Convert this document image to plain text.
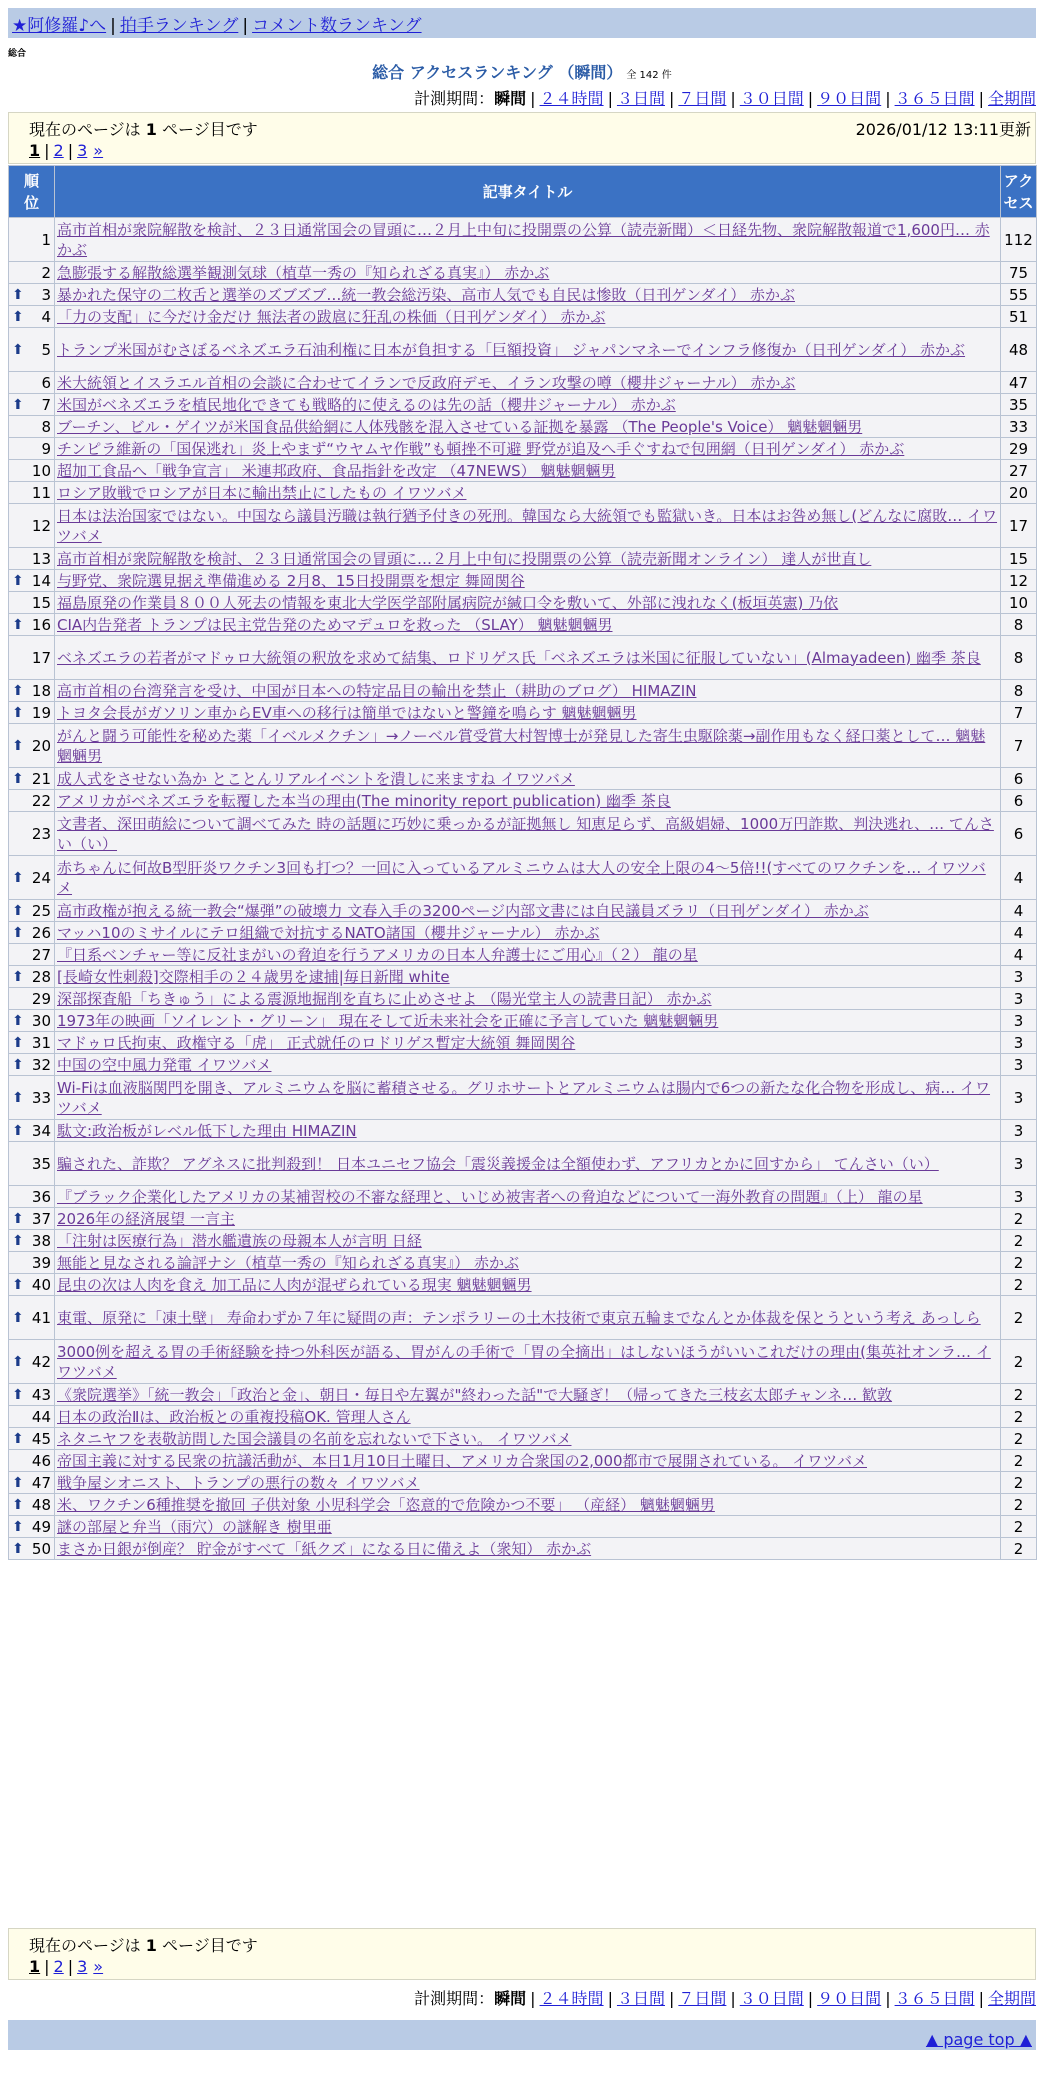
★阿修羅♪へ | 拍手ランキング | コメント数ランキング
総合
総合 アクセスランキング （瞬間） 全 142 件
計測期間：瞬間 | ２４時間 | ３日間 | ７日間 | ３０日間 | ９０日間 | ３６５日間 | 全期間
現在のページは 1 ページ目です	2026/01/12 13:11更新
1 | 2 | 3 »
順位	記事タイトル	アクセス
1	高市首相が衆院解散を検討、２３日通常国会の冒頭に…２月上中旬に投開票の公算（読売新聞）＜日経先物、衆院解散報道で1,600円… 赤かぶ	112
2	急膨張する解散総選挙観測気球（植草一秀の『知られざる真実』） 赤かぶ	75

⬆ 3	暴かれた保守の二枚舌と選挙のズブズブ…統一教会総汚染、高市人気でも自民は惨敗（日刊ゲンダイ） 赤かぶ	55

⬆ 4	「力の支配」に今だけ金だけ 無法者の跋扈に狂乱の株価（日刊ゲンダイ） 赤かぶ	51

⬆ 5	トランプ米国がむさぼるベネズエラ石油利権に日本が負担する「巨額投資」 ジャパンマネーでインフラ修復か（日刊ゲンダイ） 赤かぶ	48
6	米大統領とイスラエル首相の会談に合わせてイランで反政府デモ、イラン攻撃の噂（櫻井ジャーナル） 赤かぶ	47

⬆ 7	米国がベネズエラを植民地化できても戦略的に使えるのは先の話（櫻井ジャーナル） 赤かぶ	35
8	ブーチン、ビル・ゲイツが米国食品供給網に人体残骸を混入させている証拠を暴露 （The People's Voice） 魑魅魍魎男	33
9	チンピラ維新の「国保逃れ」炎上やまず“ウヤムヤ作戦”も頓挫不可避 野党が追及へ手ぐすねで包囲網（日刊ゲンダイ） 赤かぶ	29
10	超加工食品へ「戦争宣言」 米連邦政府、食品指針を改定 （47NEWS） 魑魅魍魎男	27
11	ロシア敗戦でロシアが日本に輸出禁止にしたもの イワツバメ	20
12	日本は法治国家ではない。中国なら議員汚職は執行猶予付きの死刑。韓国なら大統領でも監獄いき。日本はお咎め無し(どんなに腐敗… イワツバメ	17
13	高市首相が衆院解散を検討、２３日通常国会の冒頭に…２月上中旬に投開票の公算（読売新聞オンライン） 達人が世直し	15

⬆ 14	与野党、衆院選見据え準備進める 2月8、15日投開票を想定 舞岡関谷	12
15	福島原発の作業員８００人死去の情報を東北大学医学部附属病院が緘口令を敷いて、外部に洩れなく(板垣英憲) 乃依	10

⬆ 16	CIA内告発者 トランプは民主党告発のためマデュロを救った （SLAY） 魑魅魍魎男	8
17	ベネズエラの若者がマドゥロ大統領の釈放を求めて結集、ロドリゲス氏「ベネズエラは米国に征服していない」(Almayadeen) 幽季 茶良	8

⬆ 18	高市首相の台湾発言を受け、中国が日本への特定品目の輸出を禁止（耕助のブログ） HIMAZIN	8

⬆ 19	トヨタ会長がガソリン車からEV車への移行は簡単ではないと警鐘を鳴らす 魑魅魍魎男	7

⬆ 20	がんと闘う可能性を秘めた薬「イベルメクチン」→ノーベル賞受賞大村智博士が発見した寄生虫駆除薬→副作用もなく経口薬として… 魑魅魍魎男	7

⬆ 21	成人式をさせない為か とことんリアルイベントを潰しに来ますね イワツバメ	6
22	アメリカがベネズエラを転覆した本当の理由(The minority report publication) 幽季 茶良	6
23	文書者、深田萌絵について調べてみた 時の話題に巧妙に乗っかるが証拠無し 知恵足らず、高級娼婦、1000万円詐欺、判決逃れ、… てんさい（い）	6

⬆ 24	赤ちゃんに何故B型肝炎ワクチン3回も打つ？一回に入っているアルミニウムは大人の安全上限の4～5倍!!(すべてのワクチンを… イワツバメ	4

⬆ 25	高市政権が抱える統一教会“爆弾”の破壊力 文春入手の3200ページ内部文書には自民議員ズラリ（日刊ゲンダイ） 赤かぶ	4

⬆ 26	マッハ10のミサイルにテロ組織で対抗するNATO諸国（櫻井ジャーナル） 赤かぶ	4
27	『日系ベンチャー等に反社まがいの脅迫を行うアメリカの日本人弁護士にご用心』（２） 龍の星	4

⬆ 28	[長崎女性刺殺]交際相手の２４歳男を逮捕|毎日新聞 white	3
29	深部探査船「ちきゅう」による震源地掘削を直ちに止めさせよ （陽光堂主人の読書日記） 赤かぶ	3

⬆ 30	1973年の映画「ソイレント・グリーン」 現在そして近未来社会を正確に予言していた 魑魅魍魎男	3

⬆ 31	マドゥロ氏拘束、政権守る「虎」 正式就任のロドリゲス暫定大統領 舞岡関谷	3

⬆ 32	中国の空中風力発電 イワツバメ	3

⬆ 33	Wi-Fiは血液脳関門を開き、アルミニウムを脳に蓄積させる。グリホサートとアルミニウムは腸内で6つの新たな化合物を形成し、病… イワツバメ	3

⬆ 34	駄文:政治板がレベル低下した理由 HIMAZIN	3
35	騙された、詐欺？ アグネスに批判殺到！ 日本ユニセフ協会「震災義援金は全額使わず、アフリカとかに回すから」 てんさい（い）	3
36	『ブラック企業化したアメリカの某補習校の不審な経理と、いじめ被害者への脅迫などについて一海外教育の問題』（上） 龍の星	3

⬆ 37	2026年の経済展望 一言主	2

⬆ 38	「注射は医療行為」潜水艦遺族の母親本人が言明 日経	2
39	無能と見なされる論評ナシ（植草一秀の『知られざる真実』） 赤かぶ	2

⬆ 40	昆虫の次は人肉を食え 加工品に人肉が混ぜられている現実 魑魅魍魎男	2

⬆ 41	東電、原発に「凍土壁」 寿命わずか７年に疑問の声：テンポラリーの土木技術で東京五輪までなんとか体裁を保とうという考え あっしら	2

⬆ 42	3000例を超える胃の手術経験を持つ外科医が語る、胃がんの手術で「胃の全摘出」はしないほうがいいこれだけの理由(集英社オンラ… イワツバメ	2

⬆ 43	《衆院選挙》「統一教会」「政治と金」、朝日・毎日や左翼が"終わった話"で大騒ぎ！（帰ってきた三枝玄太郎チャンネ… 歓敦	2
44	日本の政治Ⅱは、政治板との重複投稿OK. 管理人さん	2

⬆ 45	ネタニヤフを表敬訪問した国会議員の名前を忘れないで下さい。 イワツバメ	2
46	帝国主義に対する民衆の抗議活動が、本日1月10日土曜日、アメリカ合衆国の2,000都市で展開されている。 イワツバメ	2

⬆ 47	戦争屋シオニスト、トランプの悪行の数々 イワツバメ	2

⬆ 48	米、ワクチン6種推奨を撤回 子供対象 小児科学会「恣意的で危険かつ不要」 （産経） 魑魅魍魎男	2

⬆ 49	謎の部屋と弁当（雨穴）の謎解き 樹里亜	2

⬆ 50	まさか日銀が倒産？ 貯金がすべて「紙クズ」になる日に備えよ（衆知） 赤かぶ	2
現在のページは 1 ページ目です
1 | 2 | 3 »
計測期間：瞬間 | ２４時間 | ３日間 | ７日間 | ３０日間 | ９０日間 | ３６５日間 | 全期間
▲ page top ▲
